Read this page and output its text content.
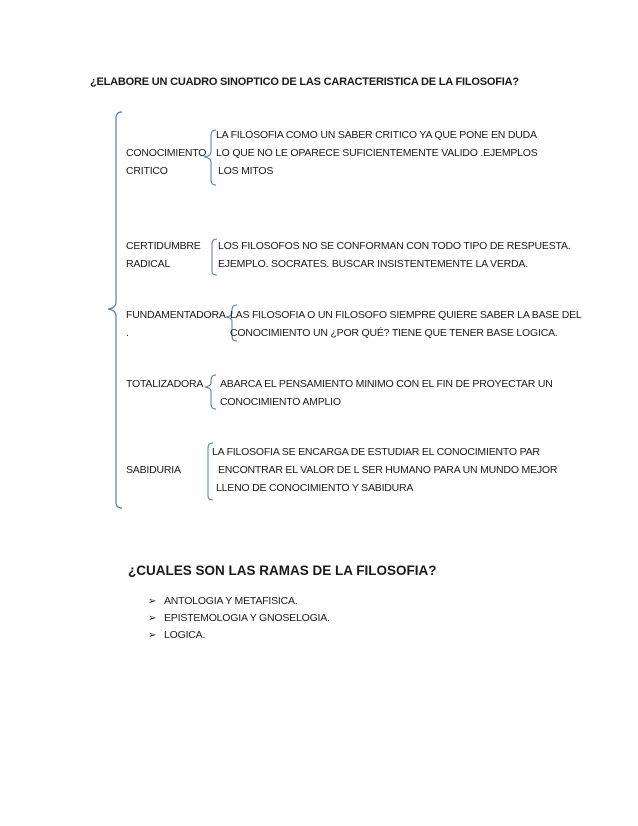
¿ELABORE UN CUADRO SINOPTICO DE LAS CARACTERISTICA DE LA FILOSOFIA?
CONOCIMIENTO
CRITICO
LA FILOSOFIA COMO UN SABER CRITICO YA QUE PONE EN DUDA
LO QUE NO LE OPARECE SUFICIENTEMENTE VALIDO .EJEMPLOS
LOS MITOS
CERTIDUMBRE
RADICAL
LOS FILOSOFOS NO SE CONFORMAN CON TODO TIPO DE RESPUESTA.
EJEMPLO. SOCRATES. BUSCAR INSISTENTEMENTE LA VERDA.
FUNDAMENTADORA
.
LAS FILOSOFIA O UN FILOSOFO SIEMPRE QUIERE SABER LA BASE DEL
CONOCIMIENTO UN ¿POR QUÉ? TIENE QUE TENER BASE LOGICA.
TOTALIZADORA ABARCA EL PENSAMIENTO MINIMO CON EL FIN DE PROYECTAR UN
CONOCIMIENTO AMPLIO
SABIDURIA
LA FILOSOFIA SE ENCARGA DE ESTUDIAR EL CONOCIMIENTO PAR
ENCONTRAR EL VALOR DE L SER HUMANO PARA UN MUNDO MEJOR
LLENO DE CONOCIMIENTO Y SABIDURA
¿CUALES SON LAS RAMAS DE LA FILOSOFIA?
➢ ANTOLOGIA Y METAFISICA.
➢ EPISTEMOLOGIA Y GNOSELOGIA.
➢ LOGICA.
